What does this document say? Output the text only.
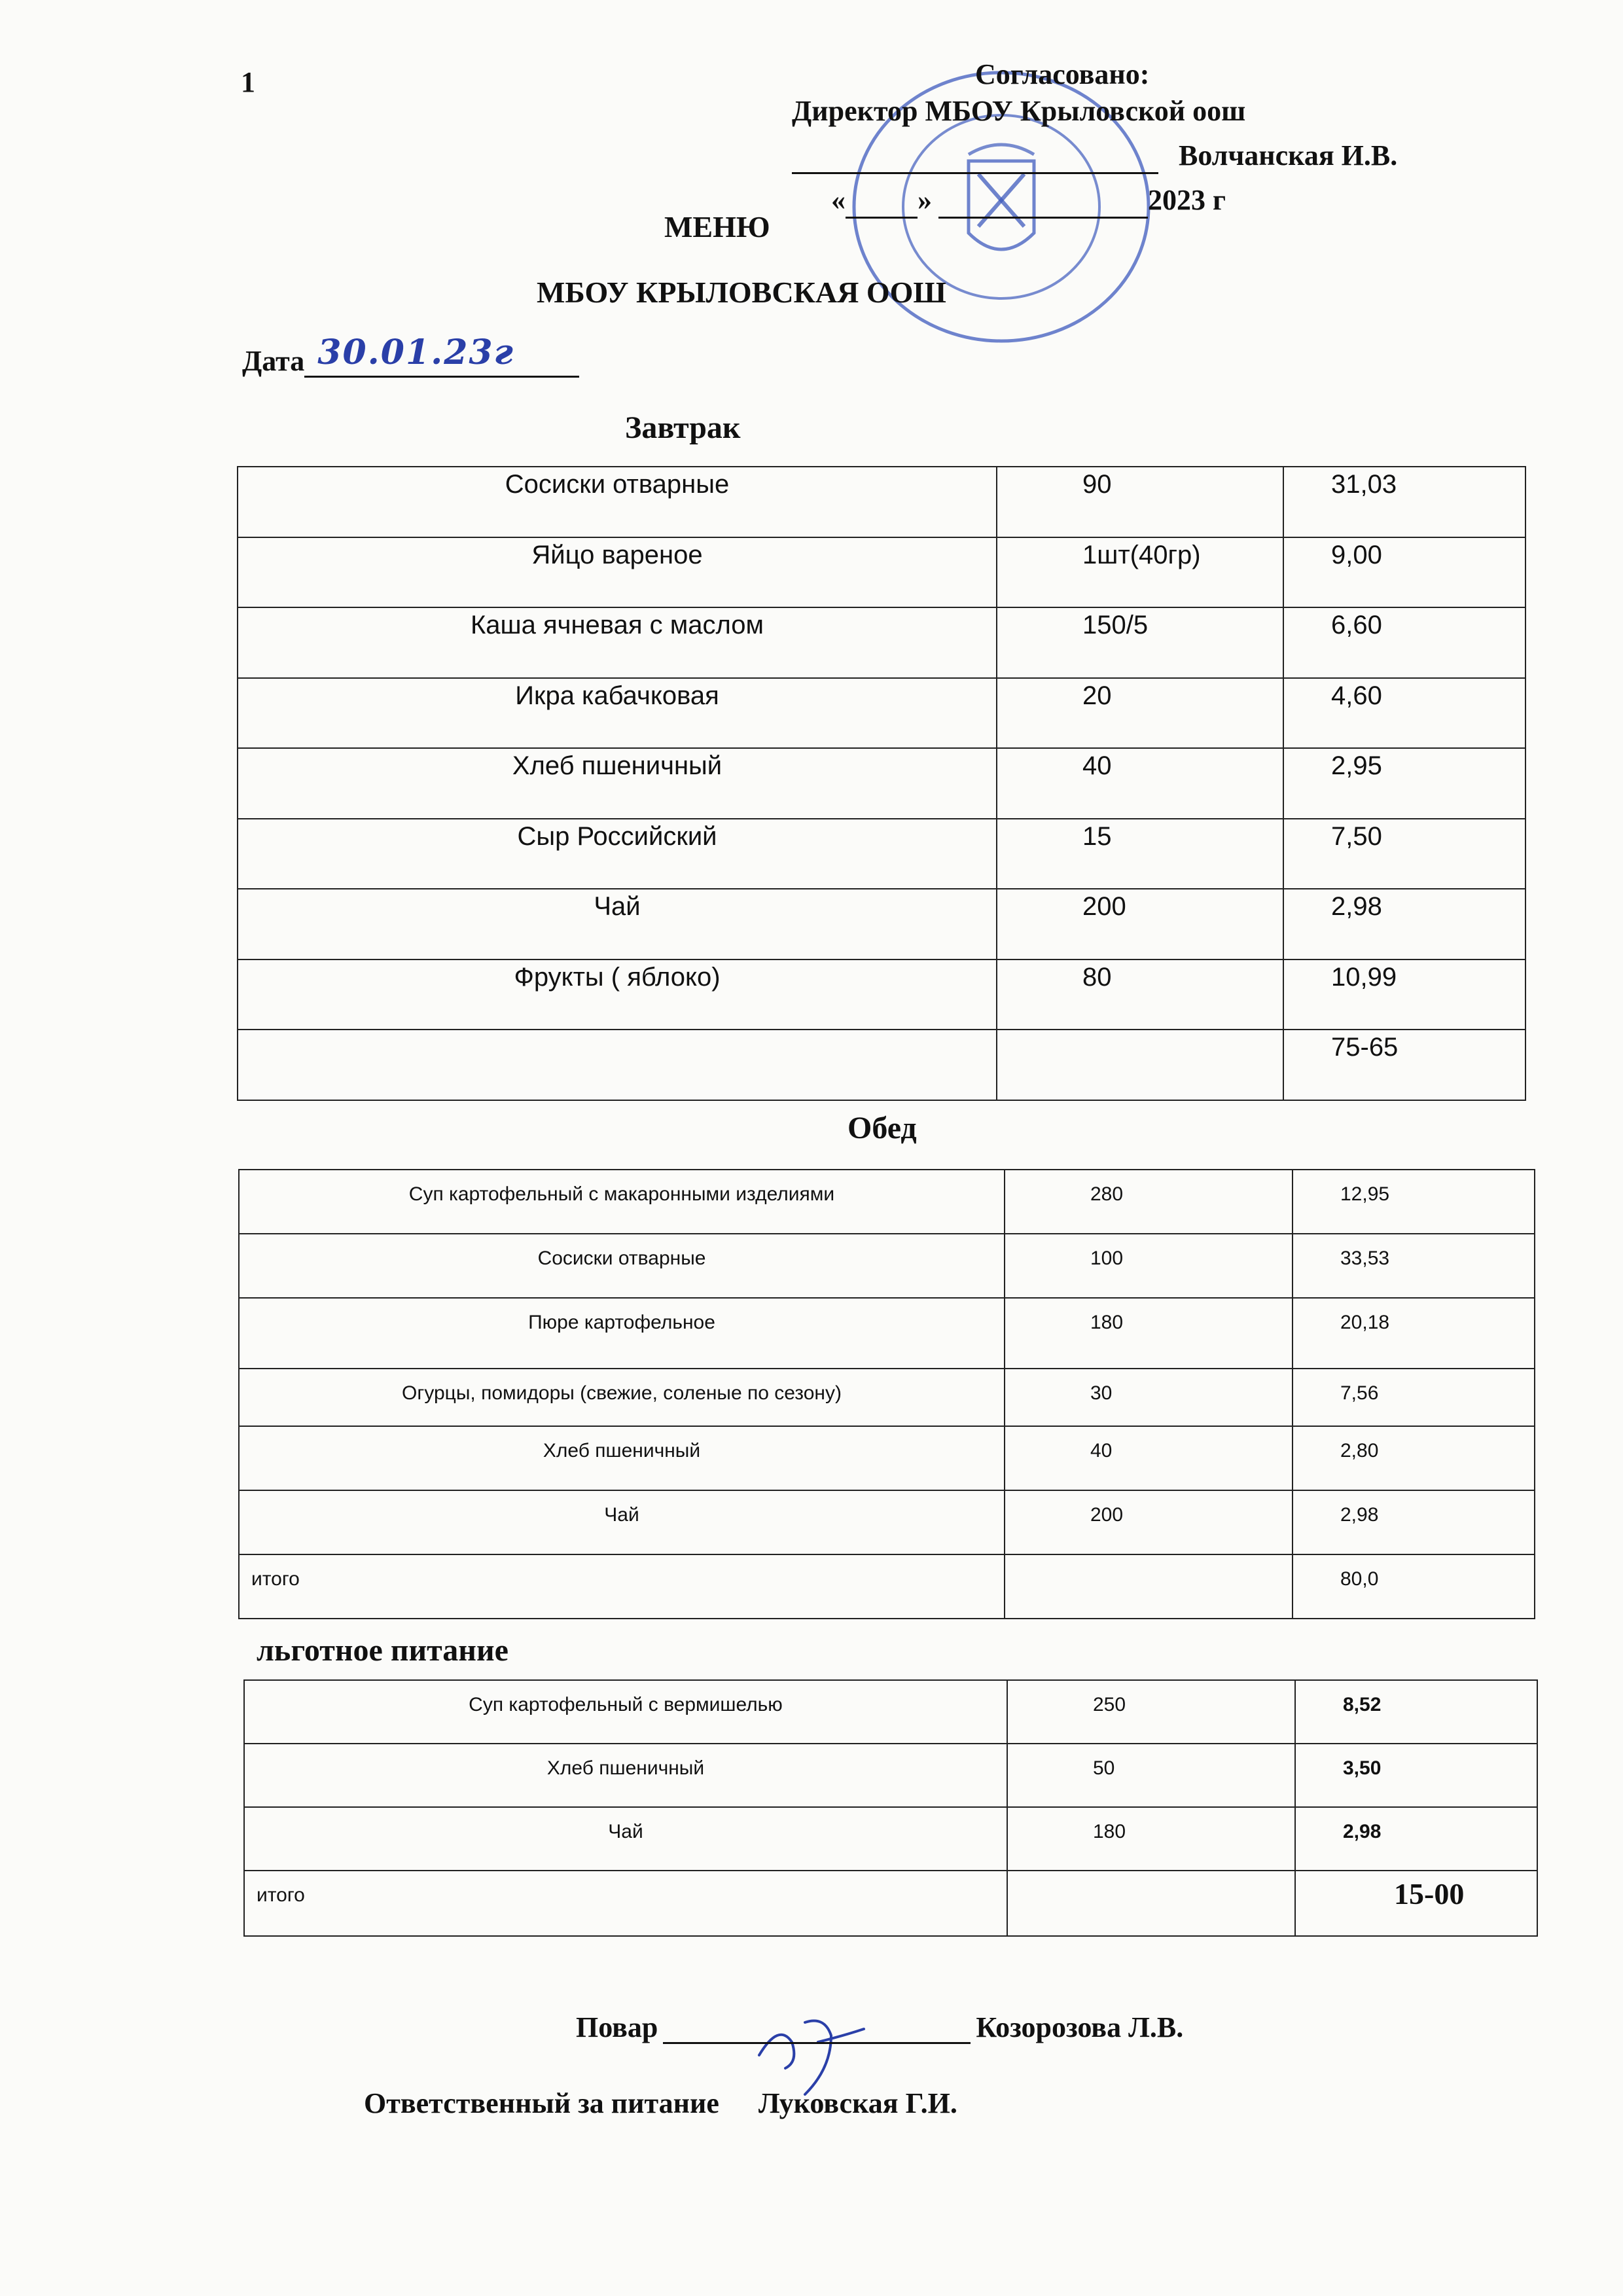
1	Согласовано:
Директор МБОУ Крыловской оош
Волчанская И.В.
«	»	2023 г
МЕНЮ
МБОУ КРЫЛОВСКАЯ ООШ
Дата 30.01.23г
Завтрак
Сосиски отварные	90	31,03
Яйцо вареное	1шт(40гр)	9,00
Каша ячневая с маслом	150/5	6,60
Икра кабачковая	20	4,60
Хлеб пшеничный	40	2,95
Сыр Российский	15	7,50
Чай	200	2,98
Фрукты ( яблоко)	80	10,99
		75-65
Обед
Суп картофельный с макаронными изделиями	280	12,95
Сосиски отварные	100	33,53
Пюре картофельное	180	20,18
Огурцы, помидоры (свежие, соленые по сезону)	30	7,56
Хлеб пшеничный	40	2,80
Чай	200	2,98
итого		80,0
льготное питание
Суп картофельный с вермишелью	250	8,52
Хлеб пшеничный	50	3,50
Чай	180	2,98
итого		15-00
Повар	Козорозова Л.В.
Ответственный за питание Луковская Г.И.
